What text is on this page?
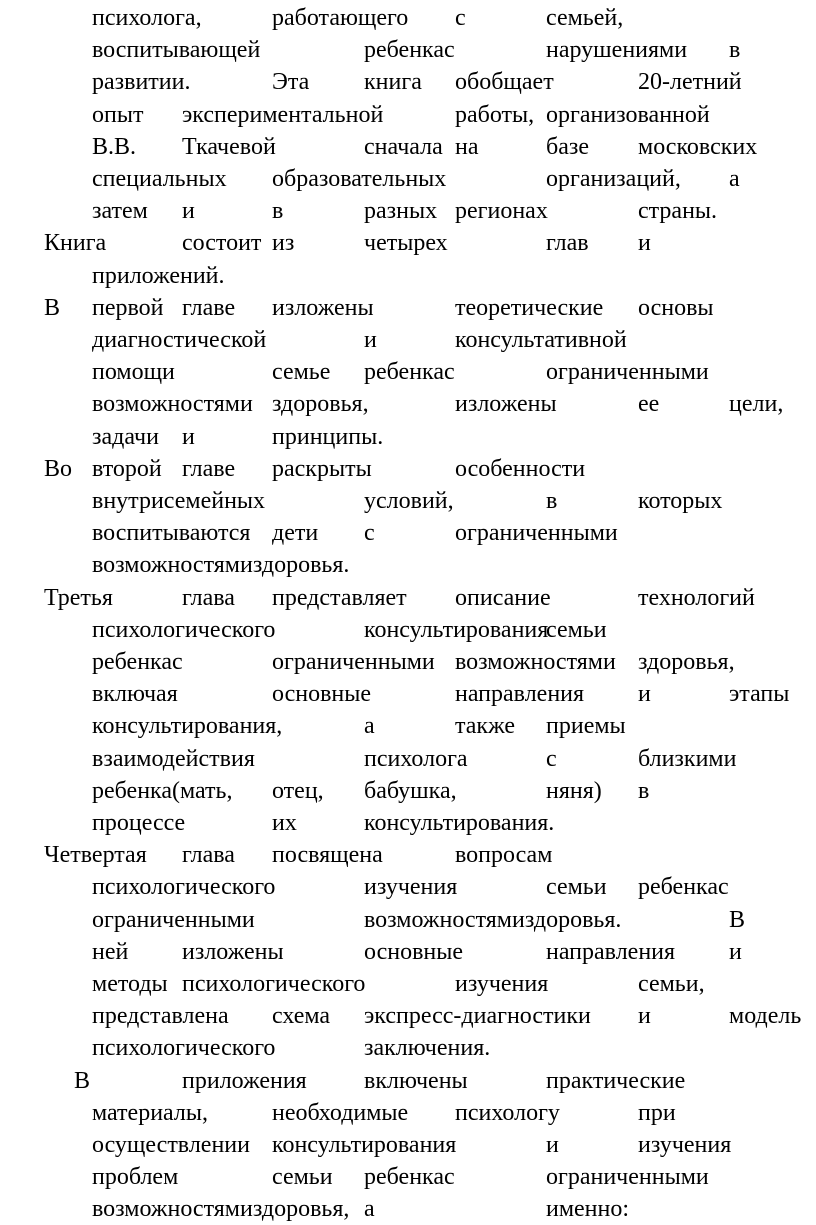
психолога,	работающего с	семьей,
воспитывающей	ребенкас	нарушениями в
развитии.	Эта книга обобщает	20-летний
опыт экспериментальной	работы, организованной
В.В. Ткачевой	сначала на	базе московских
специальных образовательных	организаций, а
затем и	в	разных регионах	страны.
Книга	состоит из	четырех	глав и
приложений.
В первой главе изложены	теоретические основы
диагностической	и	консультативной
помощи	семье ребенкас	ограниченными
возможностями здоровья,	изложены	ее	цели,
задачи и	принципы.
Во второй главе раскрыты	особенности
внутрисемейных	условий,	в	которых
воспитываются дети с	ограниченными
возможностямиздоровья.
Третья	глава представляет описание	технологий
психологического	консультирования
семьи
ребенкас	ограниченными возможностями здоровья,
включая	основные	направления и	этапы
консультирования,	а	также приемы
взаимодействия	психолога	с	близкими
ребенка(мать, отец, бабушка,	няня) в
процессе	их	консультирования.
Четвертая глава посвящена	вопросам
психологического	изучения	семьи ребенкас
ограниченными	возможностямиздоровья.	В
ней изложены	основные	направления и
методы психологического	изучения	семьи,
представлена схема экспресс-диагностики и	модель
психологического	заключения.
В	приложения включены	практические
материалы,	необходимые психологу	при
осуществлении консультирования	и	изучения
проблем	семьи ребенкас	ограниченными
возможностямиздоровья, а	именно:
